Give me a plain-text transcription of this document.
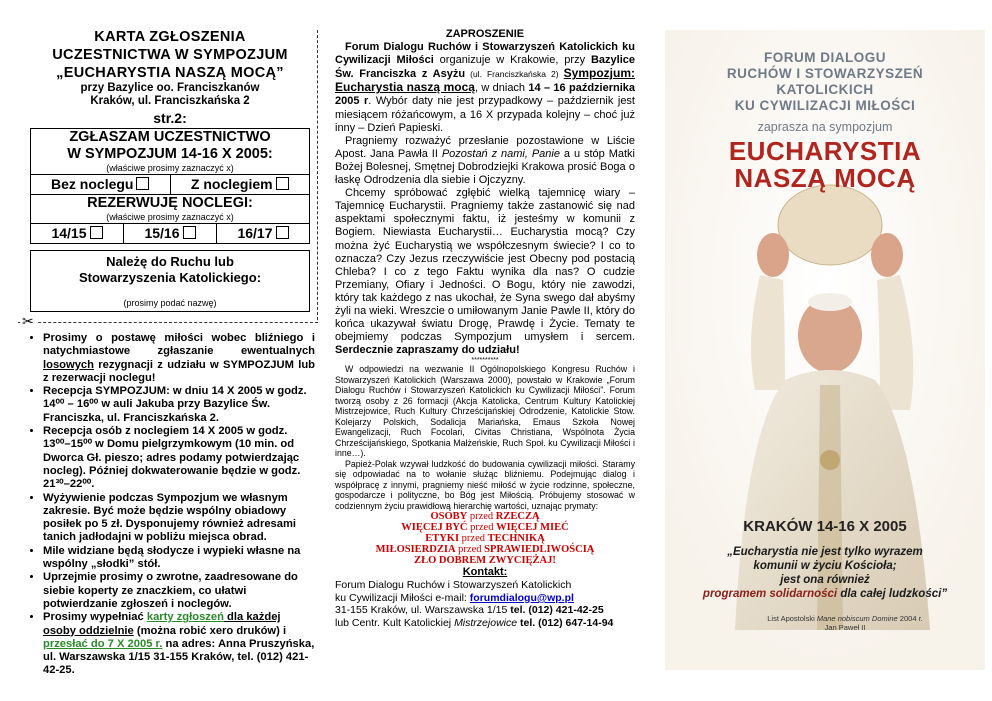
KARTA ZGŁOSZENIA
UCZESTNICTWA W SYMPOZJUM
„EUCHARYSTIA NASZĄ MOCĄ”
przy Bazylice oo. Franciszkanów
Kraków, ul. Franciszkańska 2
str.2:
ZGŁASZAM UCZESTNICTWO
W SYMPOZJUM 14-16 X 2005:
(właściwe prosimy zaznaczyć x)
Bez noclegu	Z noclegiem
REZERWUJĘ NOCLEGI:
(właściwe prosimy zaznaczyć x)
14/15	15/16	16/17
Należę do Ruchu lub
Stowarzyszenia Katolickiego:
(prosimy podać nazwę)
✂
• Prosimy o postawę miłości wobec bliźniego i natychmiastowe zgłaszanie ewentualnych losowych rezygnacji z udziału w SYMPOZJUM lub z rezerwacji noclegu!
• Recepcja SYMPOZJUM: w dniu 14 X 2005 w godz. 14⁰⁰ – 16⁰⁰ w auli Jakuba przy Bazylice Św. Franciszka, ul. Franciszkańska 2.
• Recepcja osób z noclegiem 14 X 2005 w godz. 13⁰⁰–15⁰⁰ w Domu pielgrzymkowym (10 min. od Dworca Gł. pieszo; adres podamy potwierdzając nocleg). Później dokwaterowanie będzie w godz. 21³⁰–22⁰⁰.
• Wyżywienie podczas Sympozjum we własnym zakresie. Być może będzie wspólny obiadowy posiłek po 5 zł. Dysponujemy również adresami tanich jadłodajni w pobliżu miejsca obrad.
• Mile widziane będą słodycze i wypieki własne na wspólny „słodki” stół.
• Uprzejmie prosimy o zwrotne, zaadresowane do siebie koperty ze znaczkiem, co ułatwi potwierdzanie zgłoszeń i noclegów.
• Prosimy wypełniać karty zgłoszeń dla każdej osoby oddzielnie (można robić xero druków) i przesłać do 7 X 2005 r. na adres: Anna Pruszyńska, ul. Warszawska 1/15 31-155 Kraków, tel. (012) 421-42-25.

ZAPROSZENIE

Forum Dialogu Ruchów i Stowarzyszeń Katolickich ku Cywilizacji Miłości organizuje w Krakowie, przy Bazylice Św. Franciszka z Asyżu (ul. Franciszkańska 2) Sympozjum: Eucharystia naszą mocą, w dniach 14 – 16 października 2005 r. Wybór daty nie jest przypadkowy – październik jest miesiącem różańcowym, a 16 X przypada kolejny – choć już inny – Dzień Papieski.

Pragniemy rozważyć przesłanie pozostawione w Liście Apost. Jana Pawła II Pozostań z nami, Panie a u stóp Matki Bożej Bolesnej, Smętnej Dobrodziejki Krakowa prosić Boga o łaskę Odrodzenia dla siebie i Ojczyzny.

Chcemy spróbować zgłębić wielką tajemnicę wiary – Tajemnicę Eucharystii. Pragniemy także zastanowić się nad aspektami społecznymi faktu, iż jesteśmy w komunii z Bogiem. Niewiasta Eucharystii… Eucharystia mocą? Czy można żyć Eucharystią we współczesnym świecie? I co to oznacza? Czy Jezus rzeczywiście jest Obecny pod postacią Chleba? I co z tego Faktu wynika dla nas? O cudzie Przemiany, Ofiary i Jedności. O Bogu, który nie zawodzi, który tak każdego z nas ukochał, że Syna swego dał abyśmy żyli na wieki. Wreszcie o umiłowanym Janie Pawle II, który do końca ukazywał światu Drogę, Prawdę i Życie. Tematy te obejmiemy podczas Sympozjum umysłem i sercem. Serdecznie zapraszamy do udziału!

**********
W odpowiedzi na wezwanie II Ogólnopolskiego Kongresu Ruchów i Stowarzyszeń Katolickich (Warszawa 2000), powstało w Krakowie „Forum Dialogu Ruchów i Stowarzyszeń Katolickich ku Cywilizacji Miłości”. Forum tworzą osoby z 26 formacji (Akcja Katolicka, Centrum Kultury Katolickiej Mistrzejowice, Ruch Kultury Chrześcijańskiej Odrodzenie, Katolickie Stow. Kolejarzy Polskich, Sodalicja Mariańska, Emaus Szkoła Nowej Ewangelizacji, Ruch Focolari, Civitas Christiana, Wspólnota Życia Chrześcijańskiego, Spotkania Małżeńskie, Ruch Społ. ku Cywilizacji Miłości i inne…).
Papież-Polak wzywał ludzkość do budowania cywilizacji miłości. Staramy się odpowiadać na to wołanie służąc bliźniemu. Podejmując dialog i współpracę z innymi, pragniemy nieść miłość w życie rodzinne, społeczne, gospodarcze i polityczne, bo Bóg jest Miłością. Próbujemy stosować w codziennym życiu prawidłową hierarchię wartości, uznając prymaty:
OSOBY przed RZECZĄ
WIĘCEJ BYĆ przed WIĘCEJ MIEĆ
ETYKI przed TECHNIKĄ
MIŁOSIERDZIA przed SPRAWIEDLIWOŚCIĄ
ZŁO DOBREM ZWYCIĘŻAJ!
Kontakt:
Forum Dialogu Ruchów i Stowarzyszeń Katolickich
ku Cywilizacji Miłości e-mail: forumdialogu@wp.pl
31-155 Kraków, ul. Warszawska 1/15 tel. (012) 421-42-25
lub Centr. Kult Katolickiej Mistrzejowice tel. (012) 647-14-94
FORUM DIALOGU
RUCHÓW I STOWARZYSZEŃ
KATOLICKICH
KU CYWILIZACJI MIŁOŚCI
zaprasza na sympozjum
EUCHARYSTIA
NASZĄ MOCĄ
KRAKÓW 14-16 X 2005
„Eucharystia nie jest tylko wyrazem
komunii w życiu Kościoła;
jest ona również
programem solidarności dla całej ludzkości”
List Apostolski Mane nobiscum Domine 2004 r.
Jan Paweł II
